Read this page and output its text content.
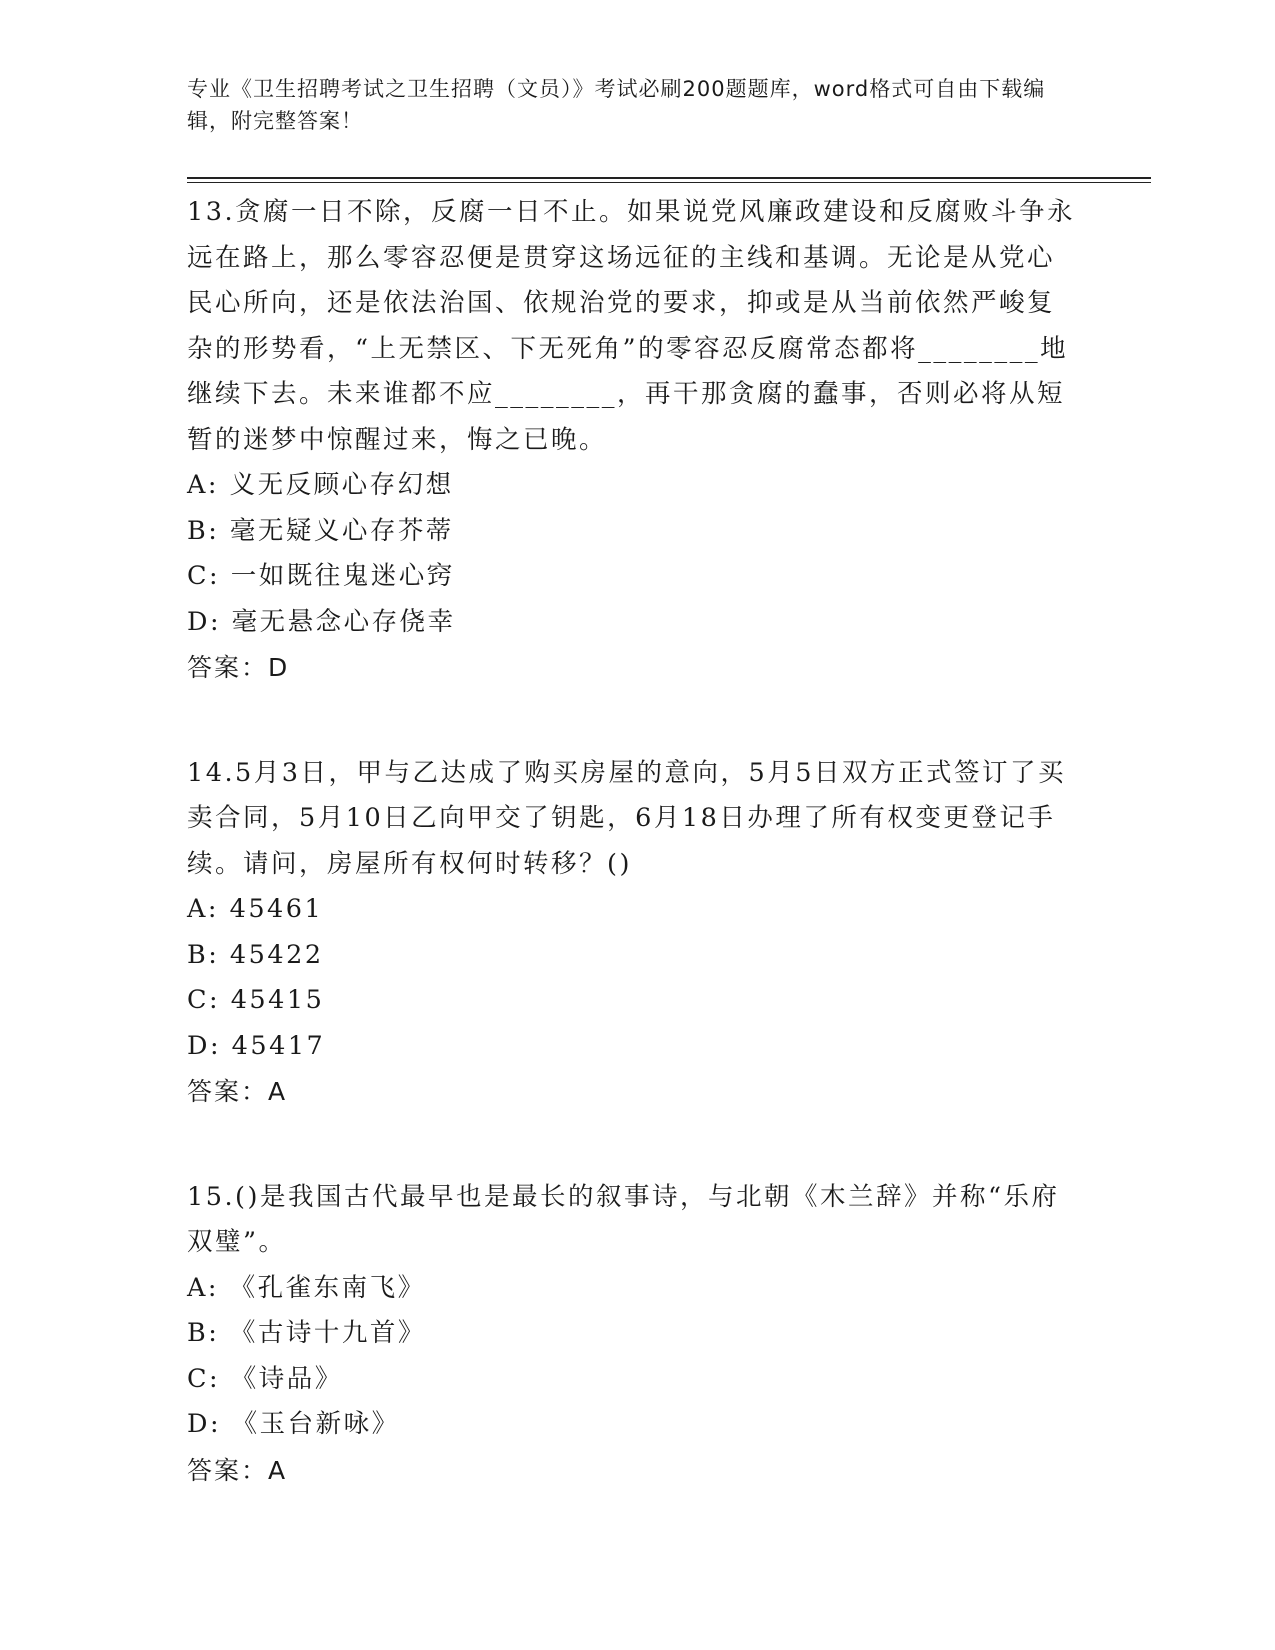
专业《卫生招聘考试之卫生招聘（文员）》考试必刷200题题库，word格式可自由下载编辑，附完整答案！

13.贪腐一日不除，反腐一日不止。如果说党风廉政建设和反腐败斗争永远在路上，那么零容忍便是贯穿这场远征的主线和基调。无论是从党心民心所向，还是依法治国、依规治党的要求，抑或是从当前依然严峻复杂的形势看，“上无禁区、下无死角”的零容忍反腐常态都将________地继续下去。未来谁都不应________，再干那贪腐的蠢事，否则必将从短暂的迷梦中惊醒过来，悔之已晚。

A: 义无反顾心存幻想

B: 毫无疑义心存芥蒂

C: 一如既往鬼迷心窍

D: 毫无悬念心存侥幸

答案：D

14.5月3日，甲与乙达成了购买房屋的意向，5月5日双方正式签订了买卖合同，5月10日乙向甲交了钥匙，6月18日办理了所有权变更登记手续。请问，房屋所有权何时转移？()

A: 45461

B: 45422

C: 45415

D: 45417

答案：A

15.()是我国古代最早也是最长的叙事诗，与北朝《木兰辞》并称“乐府双璧”。

A: 《孔雀东南飞》

B: 《古诗十九首》

C: 《诗品》

D: 《玉台新咏》

答案：A
